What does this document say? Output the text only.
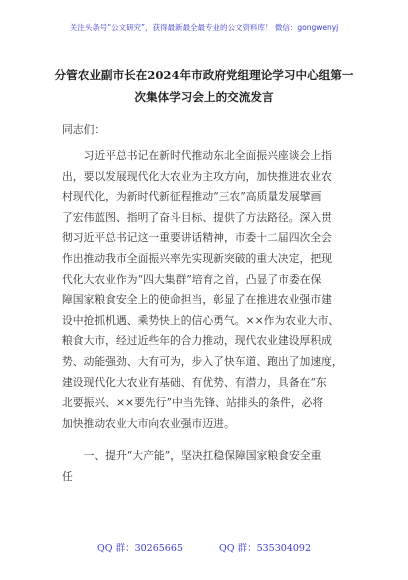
关注头条号“公文研究”，获得最新最全最专业的公文资料库！ 微信：gongwenyj
分管农业副市长在2024年市政府党组理论学习中心组第一
次集体学习会上的交流发言
同志们：
　　习近平总书记在新时代推动东北全面振兴座谈会上指
出，要以发展现代化大农业为主攻方向，加快推进农业农
村现代化，为新时代新征程推动“三农”高质量发展擘画
了宏伟蓝图、指明了奋斗目标、提供了方法路径。深入贯
彻习近平总书记这一重要讲话精神，市委十二届四次全会
作出推动我市全面振兴率先实现新突破的重大决定，把现
代化大农业作为“四大集群”培育之首，凸显了市委在保
障国家粮食安全上的使命担当，彰显了在推进农业强市建
设中抢抓机遇、乘势快上的信心勇气。××作为农业大市、
粮食大市，经过近些年的合力推动，现代农业建设厚积成
势、动能强劲、大有可为，步入了快车道、跑出了加速度，
建设现代化大农业有基础、有优势、有潜力，具备在“东
北要振兴、××要先行”中当先锋、站排头的条件，必将
加快推动农业大市向农业强市迈进。
　　一、提升“大产能”，坚决扛稳保障国家粮食安全重
任
QQ 群：30265665	QQ 群：535304092
